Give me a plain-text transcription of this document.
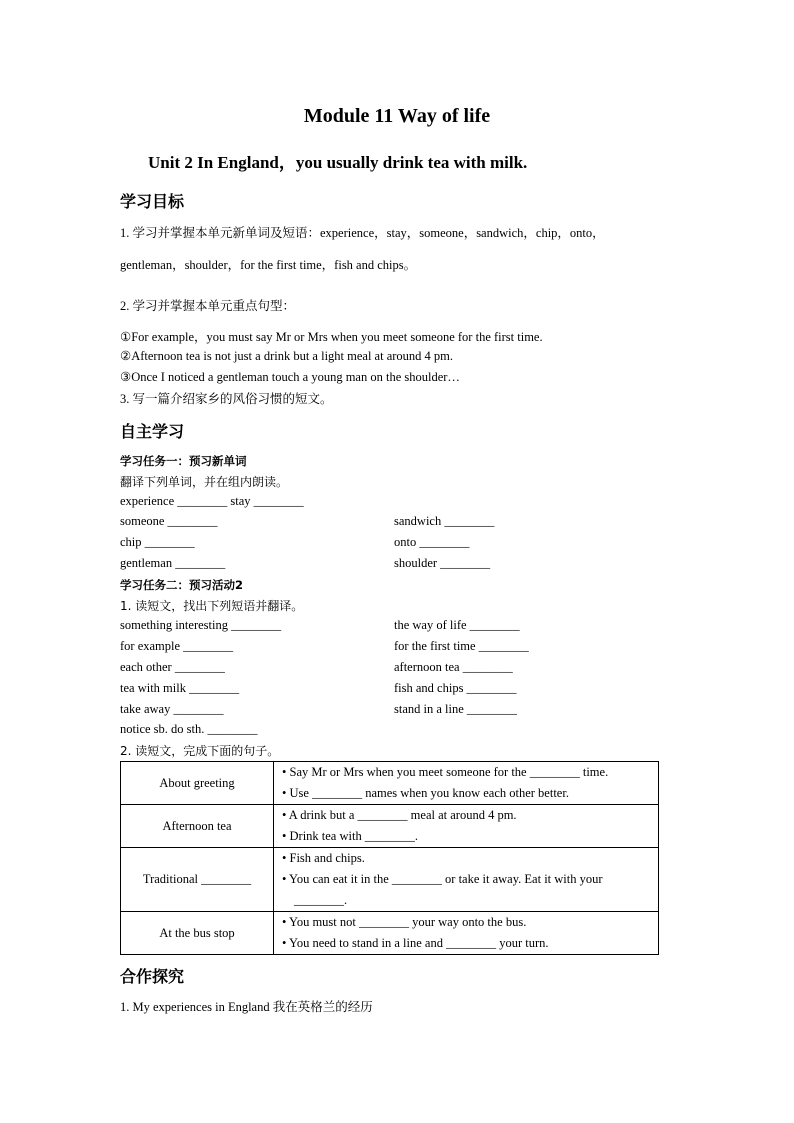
Module 11 Way of life
Unit 2 In England，you usually drink tea with milk.
学习目标
1. 学习并掌握本单元新单词及短语：experience，stay，someone，sandwich，chip，onto，
gentleman，shoulder，for the first time，fish and chips。
2. 学习并掌握本单元重点句型：
①For example，you must say Mr or Mrs when you meet someone for the first time.
②Afternoon tea is not just a drink but a light meal at around 4 pm.
③Once I noticed a gentleman touch a young man on the shoulder…
3. 写一篇介绍家乡的风俗习惯的短文。
自主学习
学习任务一：预习新单词
翻译下列单词，并在组内朗读。
experience ________ stay ________
someone ________	sandwich ________
chip ________	onto ________
gentleman ________	shoulder ________
学习任务二：预习活动2
1. 读短文，找出下列短语并翻译。
something interesting ________	the way of life ________
for example ________	for the first time ________
each other ________	afternoon tea ________
tea with milk ________	fish and chips ________
take away ________	stand in a line ________
notice sb. do sth. ________
2. 读短文，完成下面的句子。
About greeting	• Say Mr or Mrs when you meet someone for the ________ time.
• Use ________ names when you know each other better.

Afternoon tea	• A drink but a ________ meal at around 4 pm.
• Drink tea with ________.

Traditional ________	• Fish and chips.
• You can eat it in the ________ or take it away. Eat it with your
________.

At the bus stop	• You must not ________ your way onto the bus.
• You need to stand in a line and ________ your turn.
合作探究
1. My experiences in England 我在英格兰的经历
